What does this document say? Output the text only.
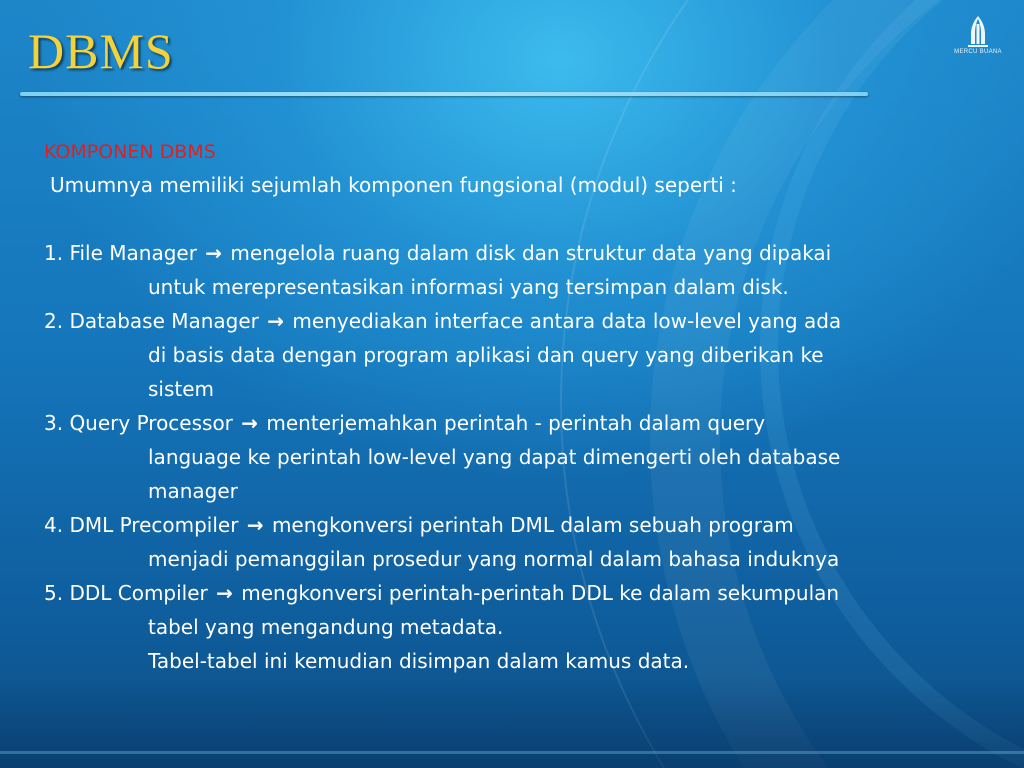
DBMS	MERCU BUANA
KOMPONEN DBMS
Umumnya memiliki sejumlah komponen fungsional (modul) seperti :
1. File Manager → mengelola ruang dalam disk dan struktur data yang dipakai
untuk merepresentasikan informasi yang tersimpan dalam disk.
2. Database Manager → menyediakan interface antara data low-level yang ada
di basis data dengan program aplikasi dan query yang diberikan ke
sistem
3. Query Processor → menterjemahkan perintah - perintah dalam query
language ke perintah low-level yang dapat dimengerti oleh database
manager
4. DML Precompiler → mengkonversi perintah DML dalam sebuah program
menjadi pemanggilan prosedur yang normal dalam bahasa induknya
5. DDL Compiler → mengkonversi perintah-perintah DDL ke dalam sekumpulan
tabel yang mengandung metadata.
Tabel-tabel ini kemudian disimpan dalam kamus data.
